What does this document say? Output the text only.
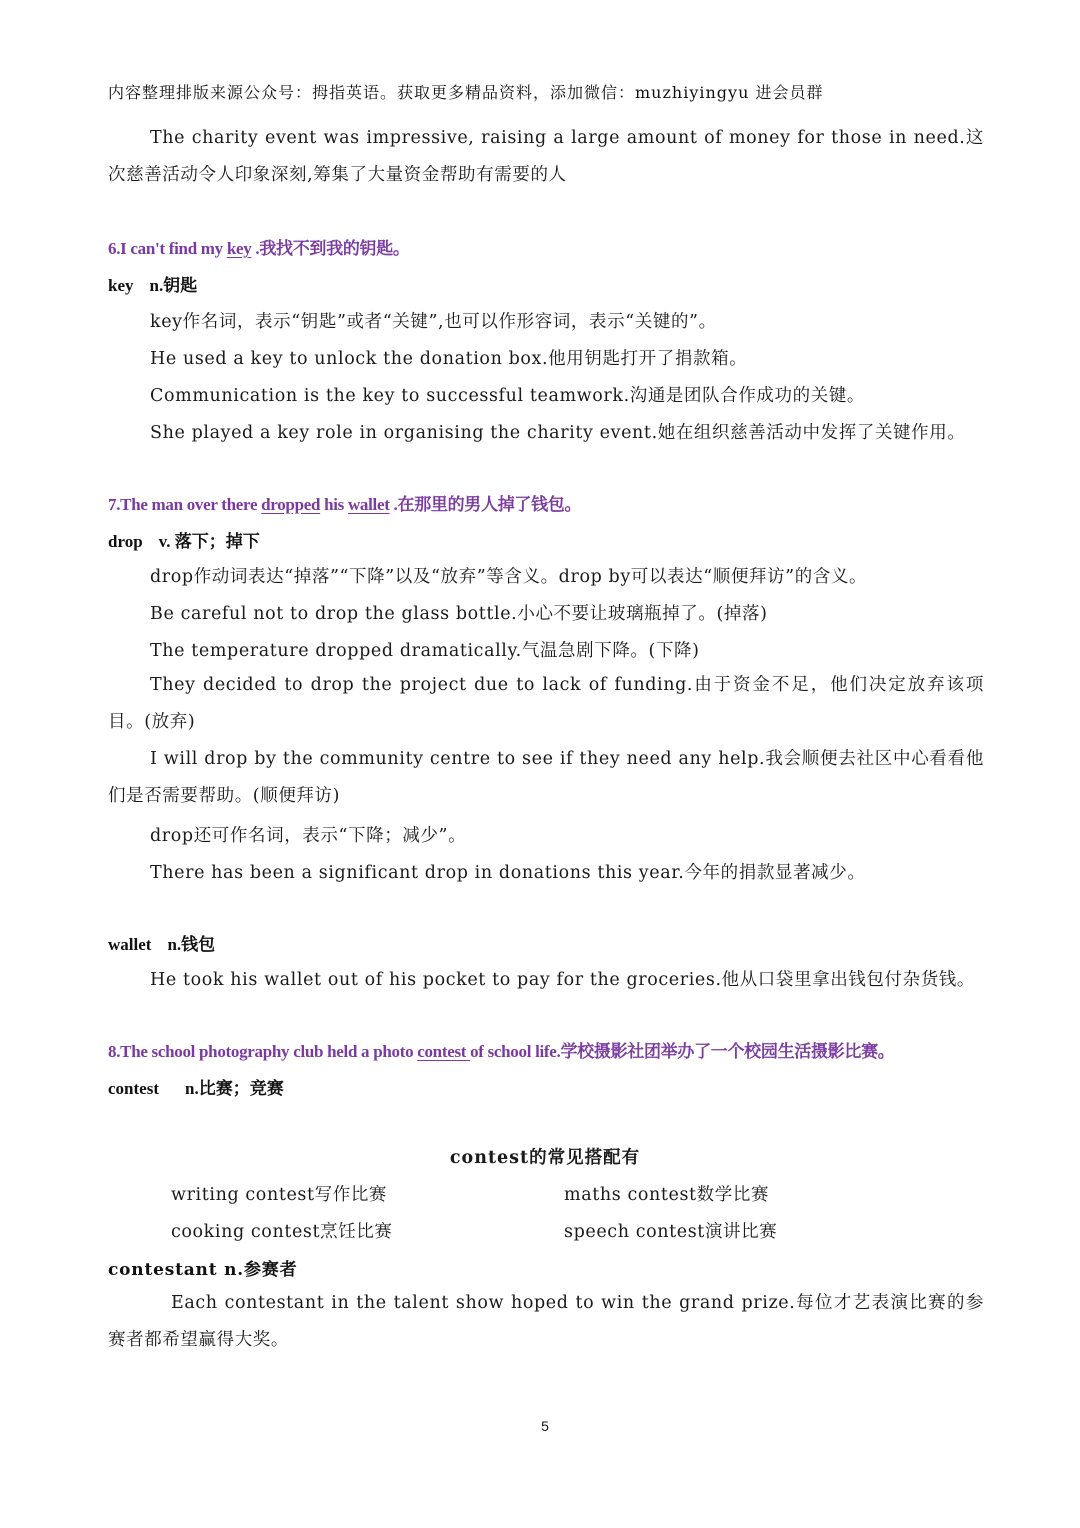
内容整理排版来源公众号：拇指英语。获取更多精品资料，添加微信：muzhiyingyu 进会员群
The charity event was impressive, raising a large amount of money for those in need.这次慈善活动令人印象深刻,筹集了大量资金帮助有需要的人
6.I can't find my key .我找不到我的钥匙。
key n.钥匙
key作名词，表示“钥匙”或者“关键”,也可以作形容词，表示“关键的”。
He used a key to unlock the donation box.他用钥匙打开了捐款箱。
Communication is the key to successful teamwork.沟通是团队合作成功的关键。
She played a key role in organising the charity event.她在组织慈善活动中发挥了关键作用。
7.The man over there dropped his wallet .在那里的男人掉了钱包。
drop v. 落下；掉下
drop作动词表达“掉落”“下降”以及“放弃”等含义。drop by可以表达“顺便拜访”的含义。
Be careful not to drop the glass bottle.小心不要让玻璃瓶掉了。(掉落)
The temperature dropped dramatically.气温急剧下降。(下降)
They decided to drop the project due to lack of funding.由于资金不足，他们决定放弃该项目。(放弃)
I will drop by the community centre to see if they need any help.我会顺便去社区中心看看他们是否需要帮助。(顺便拜访)
drop还可作名词，表示“下降；减少”。
There has been a significant drop in donations this year.今年的捐款显著减少。
wallet n.钱包
He took his wallet out of his pocket to pay for the groceries.他从口袋里拿出钱包付杂货钱。
8.The school photography club held a photo contest of school life.学校摄影社团举办了一个校园生活摄影比赛。
contest n.比赛；竞赛
contest的常见搭配有
writing contest写作比赛	maths contest数学比赛
cooking contest烹饪比赛	speech contest演讲比赛
contestant n.参赛者
Each contestant in the talent show hoped to win the grand prize.每位才艺表演比赛的参赛者都希望赢得大奖。
5
